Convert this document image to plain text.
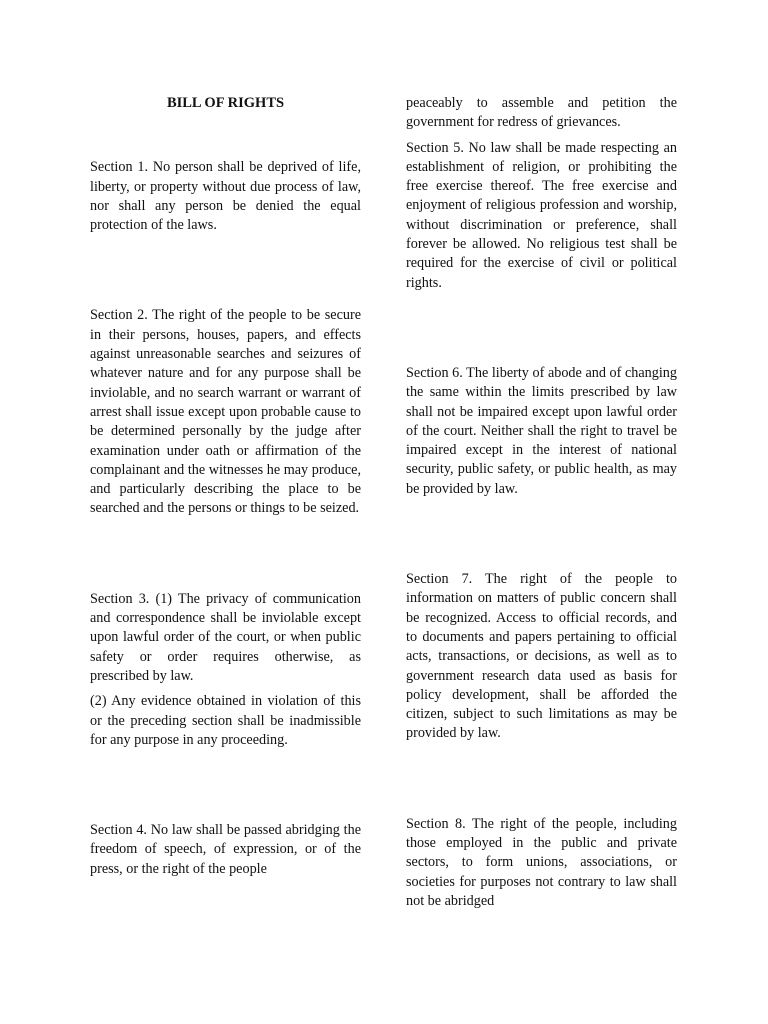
BILL OF RIGHTS

Section 1. No person shall be deprived of life, liberty, or property without due process of law, nor shall any person be denied the equal protection of the laws.

Section 2. The right of the people to be secure in their persons, houses, papers, and effects against unreasonable searches and seizures of whatever nature and for any purpose shall be inviolable, and no search warrant or warrant of arrest shall issue except upon probable cause to be determined personally by the judge after examination under oath or affirmation of the complainant and the witnesses he may produce, and particularly describing the place to be searched and the persons or things to be seized.

Section 3. (1) The privacy of communication and correspondence shall be inviolable except upon lawful order of the court, or when public safety or order requires otherwise, as prescribed by law.

(2) Any evidence obtained in violation of this or the preceding section shall be inadmissible for any purpose in any proceeding.

Section 4. No law shall be passed abridging the freedom of speech, of expression, or of the press, or the right of the people

peaceably to assemble and petition the government for redress of grievances.

Section 5. No law shall be made respecting an establishment of religion, or prohibiting the free exercise thereof. The free exercise and enjoyment of religious profession and worship, without discrimination or preference, shall forever be allowed. No religious test shall be required for the exercise of civil or political rights.

Section 6. The liberty of abode and of changing the same within the limits prescribed by law shall not be impaired except upon lawful order of the court. Neither shall the right to travel be impaired except in the interest of national security, public safety, or public health, as may be provided by law.

Section 7. The right of the people to information on matters of public concern shall be recognized. Access to official records, and to documents and papers pertaining to official acts, transactions, or decisions, as well as to government research data used as basis for policy development, shall be afforded the citizen, subject to such limitations as may be provided by law.

Section 8. The right of the people, including those employed in the public and private sectors, to form unions, associations, or societies for purposes not contrary to law shall not be abridged
